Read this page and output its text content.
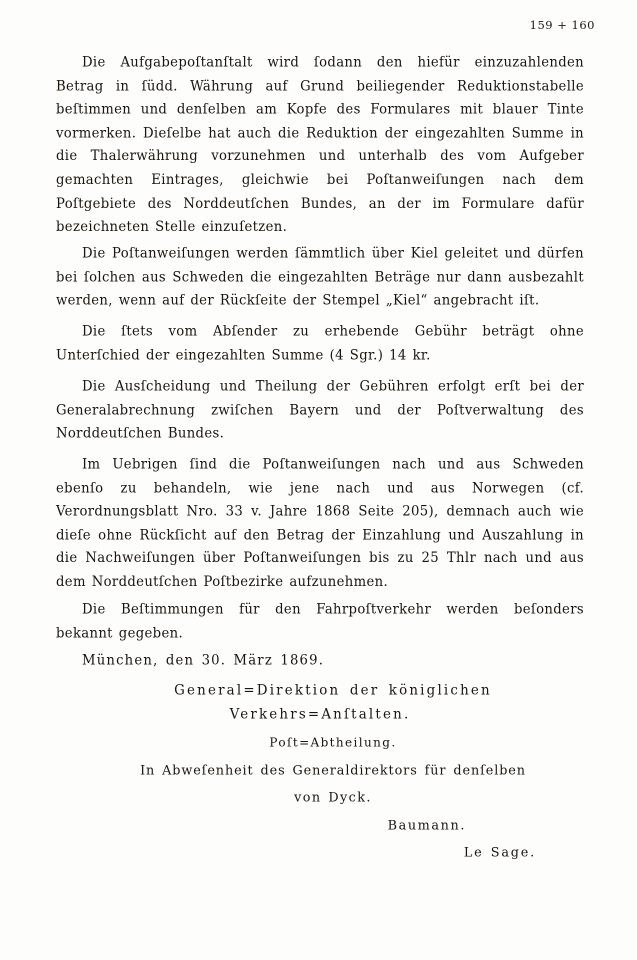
159 + 160

Die Aufgabepoſtanſtalt wird ſodann den hiefür einzuzahlenden Betrag in ſüdd. Währung auf Grund beiliegender Reduktionstabelle beſtimmen und denſelben am Kopfe des Formulares mit blauer Tinte vormerken. Dieſelbe hat auch die Reduktion der eingezahlten Summe in die Thalerwährung vorzunehmen und unterhalb des vom Aufgeber gemachten Eintrages, gleichwie bei Poſtanweiſungen nach dem Poſtgebiete des Norddeutſchen Bundes, an der im Formulare dafür bezeichneten Stelle einzuſetzen.

Die Poſtanweiſungen werden ſämmtlich über Kiel geleitet und dürfen bei ſolchen aus Schweden die eingezahlten Beträge nur dann ausbezahlt werden, wenn auf der Rückſeite der Stempel „Kiel“ angebracht iſt.

Die ſtets vom Abſender zu erhebende Gebühr beträgt ohne Unterſchied der eingezahlten Summe (4 Sgr.) 14 kr.

Die Ausſcheidung und Theilung der Gebühren erfolgt erſt bei der Generalabrechnung zwiſchen Bayern und der Poſtverwaltung des Norddeutſchen Bundes.

Im Uebrigen ſind die Poſtanweiſungen nach und aus Schweden ebenſo zu behandeln, wie jene nach und aus Norwegen (cf. Verordnungsblatt Nro. 33 v. Jahre 1868 Seite 205), demnach auch wie dieſe ohne Rückſicht auf den Betrag der Einzahlung und Auszahlung in die Nachweiſungen über Poſtanweiſungen bis zu 25 Thlr nach und aus dem Norddeutſchen Poſtbezirke aufzunehmen.

Die Beſtimmungen für den Fahrpoſtverkehr werden beſonders bekannt gegeben.

München, den 30. März 1869.

General=Direktion der königlichen Verkehrs=Anſtalten.

Poſt=Abtheilung.

In Abweſenheit des Generaldirektors für denſelben

von Dyck.

Baumann.

Le Sage.
